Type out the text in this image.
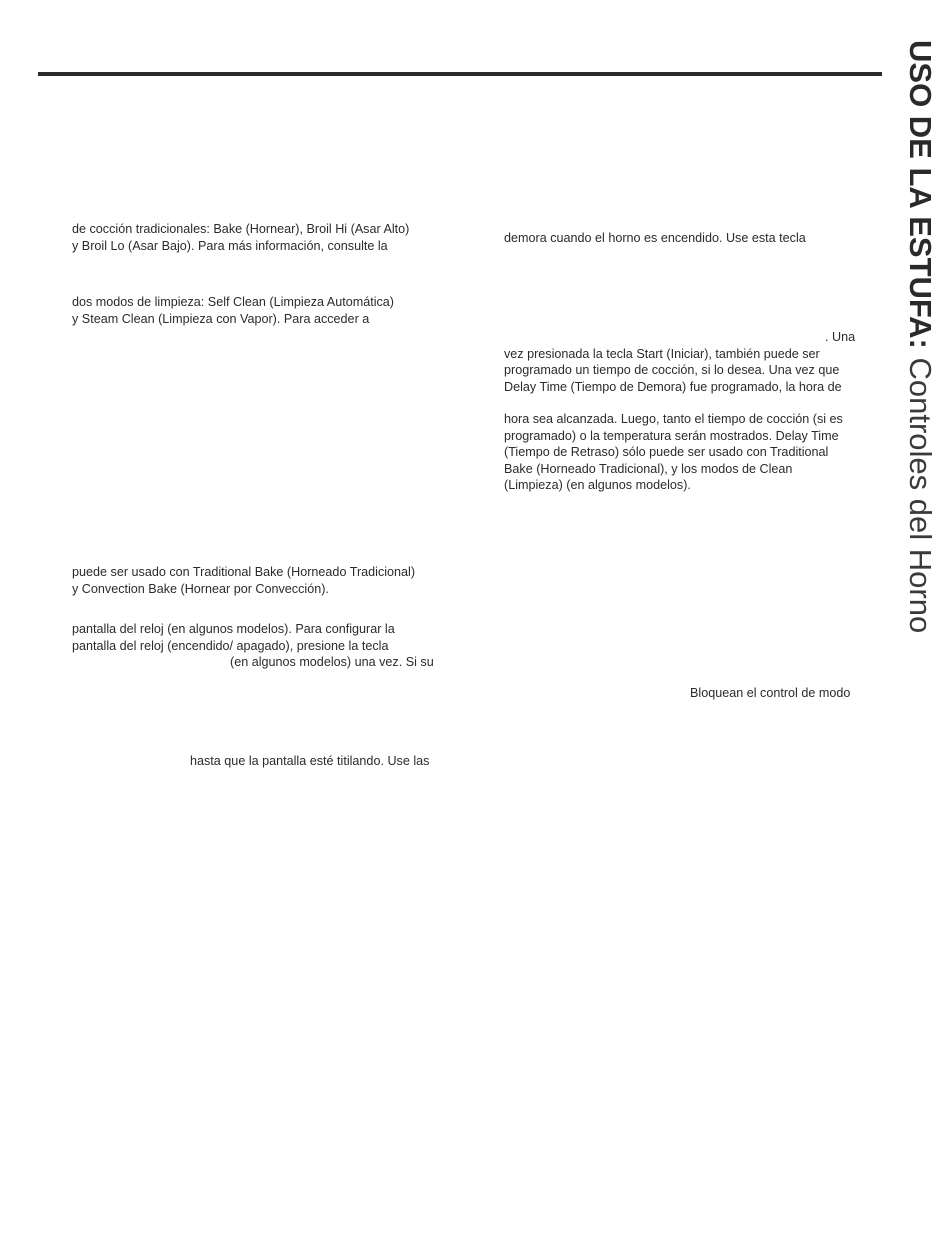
USO DE LA ESTUFA: Controles del Horno
de cocción tradicionales: Bake (Hornear), Broil Hi (Asar Alto)
y Broil Lo (Asar Bajo). Para más información, consulte la
dos modos de limpieza: Self Clean (Limpieza Automática)
y Steam Clean (Limpieza con Vapor). Para acceder a
puede ser usado con Traditional Bake (Horneado Tradicional)
y Convection Bake (Hornear por Convección).
pantalla del reloj (en algunos modelos). Para configurar la
pantalla del reloj (encendido/ apagado), presione la tecla
(en algunos modelos) una vez. Si su
hasta que la pantalla esté titilando. Use las
demora cuando el horno es encendido. Use esta tecla
. Una
vez presionada la tecla Start (Iniciar), también puede ser
programado un tiempo de cocción, si lo desea. Una vez que
Delay Time (Tiempo de Demora) fue programado, la hora de
hora sea alcanzada. Luego, tanto el tiempo de cocción (si es
programado) o la temperatura serán mostrados. Delay Time
(Tiempo de Retraso) sólo puede ser usado con Traditional
Bake (Horneado Tradicional), y los modos de Clean
(Limpieza) (en algunos modelos).
Bloquean el control de modo
